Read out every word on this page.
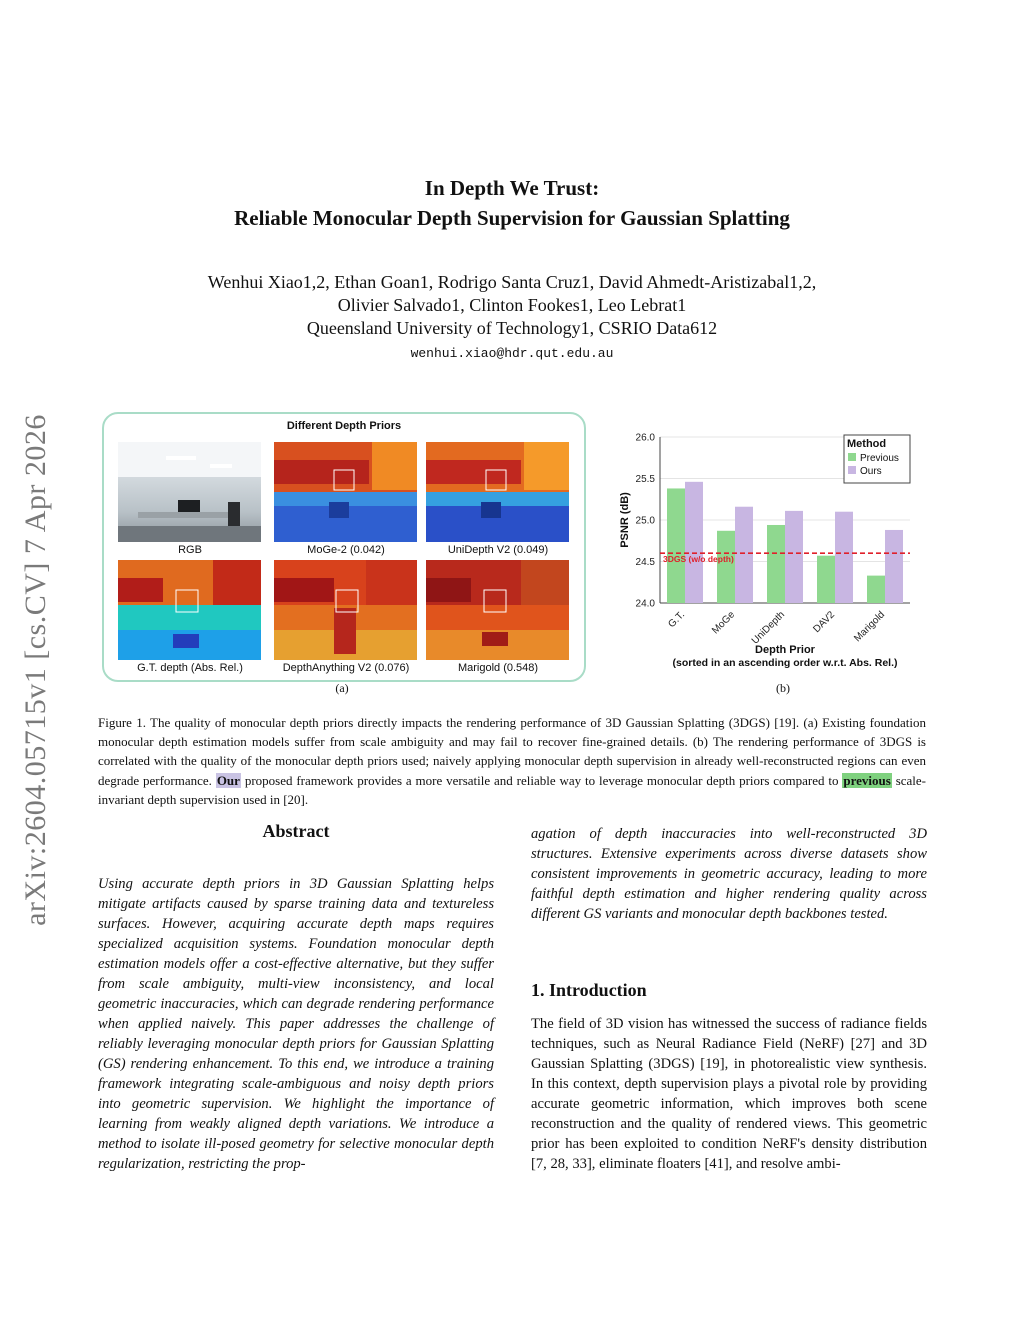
arXiv:2604.05715v1 [cs.CV] 7 Apr 2026
In Depth We Trust:
Reliable Monocular Depth Supervision for Gaussian Splatting
Wenhui Xiao1,2, Ethan Goan1, Rodrigo Santa Cruz1, David Ahmedt-Aristizabal1,2,
Olivier Salvado1, Clinton Fookes1, Leo Lebrat1
Queensland University of Technology1, CSRIO Data612
wenhui.xiao@hdr.qut.edu.au
Different Depth Priors
RGB	MoGe-2 (0.042)	UniDepth V2 (0.049)
G.T. depth (Abs. Rel.)	DepthAnything V2 (0.076)	Marigold (0.548)
(a)
24.0
24.5
25.0
25.5
26.0
G.T. MoGe UniDepth DAV2 Marigold
3DGS (w/o depth)
PSNR (dB)
Depth Prior
(sorted in an ascending order w.r.t. Abs. Rel.)
Method
Previous
Ours
(b)
Figure 1. The quality of monocular depth priors directly impacts the rendering performance of 3D Gaussian Splatting (3DGS) [19]. (a) Existing foundation monocular depth estimation models suffer from scale ambiguity and may fail to recover fine-grained details. (b) The rendering performance of 3DGS is correlated with the quality of the monocular depth priors used; naively applying monocular depth supervision in already well-reconstructed regions can even degrade performance. Our proposed framework provides a more versatile and reliable way to leverage monocular depth priors compared to previous scale-invariant depth supervision used in [20].
Abstract
Using accurate depth priors in 3D Gaussian Splatting helps mitigate artifacts caused by sparse training data and textureless surfaces. However, acquiring accurate depth maps requires specialized acquisition systems. Foundation monocular depth estimation models offer a cost-effective alternative, but they suffer from scale ambiguity, multi-view inconsistency, and local geometric inaccuracies, which can degrade rendering performance when applied naively. This paper addresses the challenge of reliably leveraging monocular depth priors for Gaussian Splatting (GS) rendering enhancement. To this end, we introduce a training framework integrating scale-ambiguous and noisy depth priors into geometric supervision. We highlight the importance of learning from weakly aligned depth variations. We introduce a method to isolate ill-posed geometry for selective monocular depth regularization, restricting the prop-
agation of depth inaccuracies into well-reconstructed 3D structures. Extensive experiments across diverse datasets show consistent improvements in geometric accuracy, leading to more faithful depth estimation and higher rendering quality across different GS variants and monocular depth backbones tested.
1. Introduction
The field of 3D vision has witnessed the success of radiance fields techniques, such as Neural Radiance Field (NeRF) [27] and 3D Gaussian Splatting (3DGS) [19], in photorealistic view synthesis. In this context, depth supervision plays a pivotal role by providing accurate geometric information, which improves both scene reconstruction and the quality of rendered views. This geometric prior has been exploited to condition NeRF's density distribution [7, 28, 33], eliminate floaters [41], and resolve ambi-
